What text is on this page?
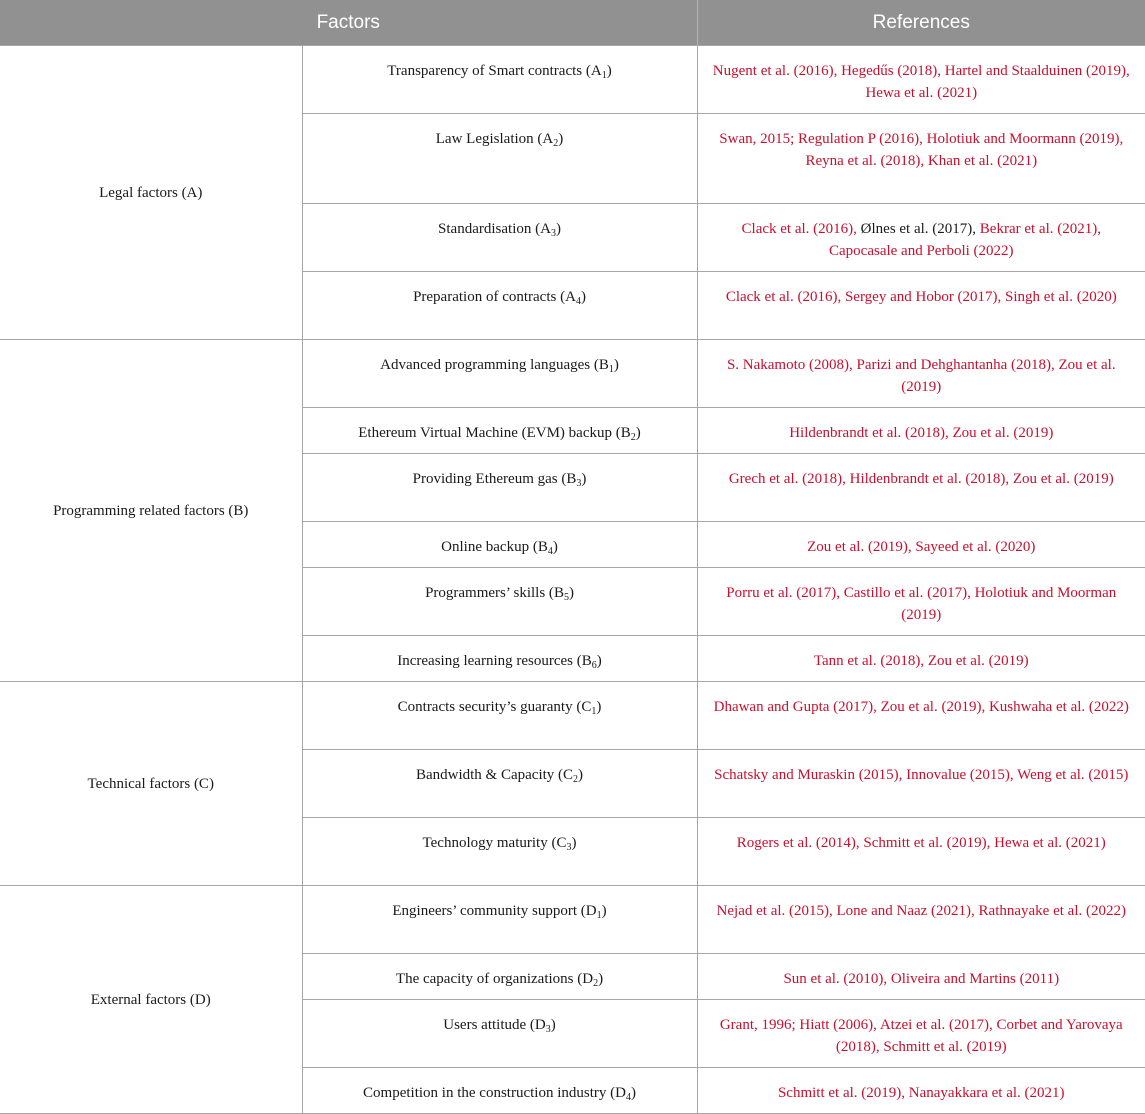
Factors		References
Legal factors (A)	Transparency of Smart contracts $(A_1)$	Nugent et al. (2016), Hegedűs (2018), Hartel and Staalduinen (2019), Hewa et al. (2021)
	Law Legislation $(A_2)$	Swan, 2015; Regulation P (2016), Holotiuk and Moormann (2019), Reyna et al. (2018), Khan et al. (2021)
	Standardisation $(A_3)$	Clack et al. (2016), Ølnes et al. (2017), Bekrar et al. (2021), Capocasale and Perboli (2022)
	Preparation of contracts $(A_4)$	Clack et al. (2016), Sergey and Hobor (2017), Singh et al. (2020)
Programming related factors (B)	Advanced programming languages $(B_1)$	S. Nakamoto (2008), Parizi and Dehghantanha (2018), Zou et al. (2019)
	Ethereum Virtual Machine (EVM) backup $(B_2)$	Hildenbrandt et al. (2018), Zou et al. (2019)
	Providing Ethereum gas $(B_3)$	Grech et al. (2018), Hildenbrandt et al. (2018), Zou et al. (2019)
	Online backup $(B_4)$	Zou et al. (2019), Sayeed et al. (2020)
	Programmers’ skills $(B_5)$	Porru et al. (2017), Castillo et al. (2017), Holotiuk and Moorman (2019)
	Increasing learning resources $(B_6)$	Tann et al. (2018), Zou et al. (2019)
Technical factors (C)	Contracts security’s guaranty $(C_1)$	Dhawan and Gupta (2017), Zou et al. (2019), Kushwaha et al. (2022)
	Bandwidth & Capacity $(C_2)$	Schatsky and Muraskin (2015), Innovalue (2015), Weng et al. (2015)
	Technology maturity $(C_3)$	Rogers et al. (2014), Schmitt et al. (2019), Hewa et al. (2021)
External factors (D)	Engineers’ community support $(D_1)$	Nejad et al. (2015), Lone and Naaz (2021), Rathnayake et al. (2022)
	The capacity of organizations $(D_2)$	Sun et al. (2010), Oliveira and Martins (2011)
	Users attitude $(D_3)$	Grant, 1996; Hiatt (2006), Atzei et al. (2017), Corbet and Yarovaya (2018), Schmitt et al. (2019)
	Competition in the construction industry $(D_4)$	Schmitt et al. (2019), Nanayakkara et al. (2021)
